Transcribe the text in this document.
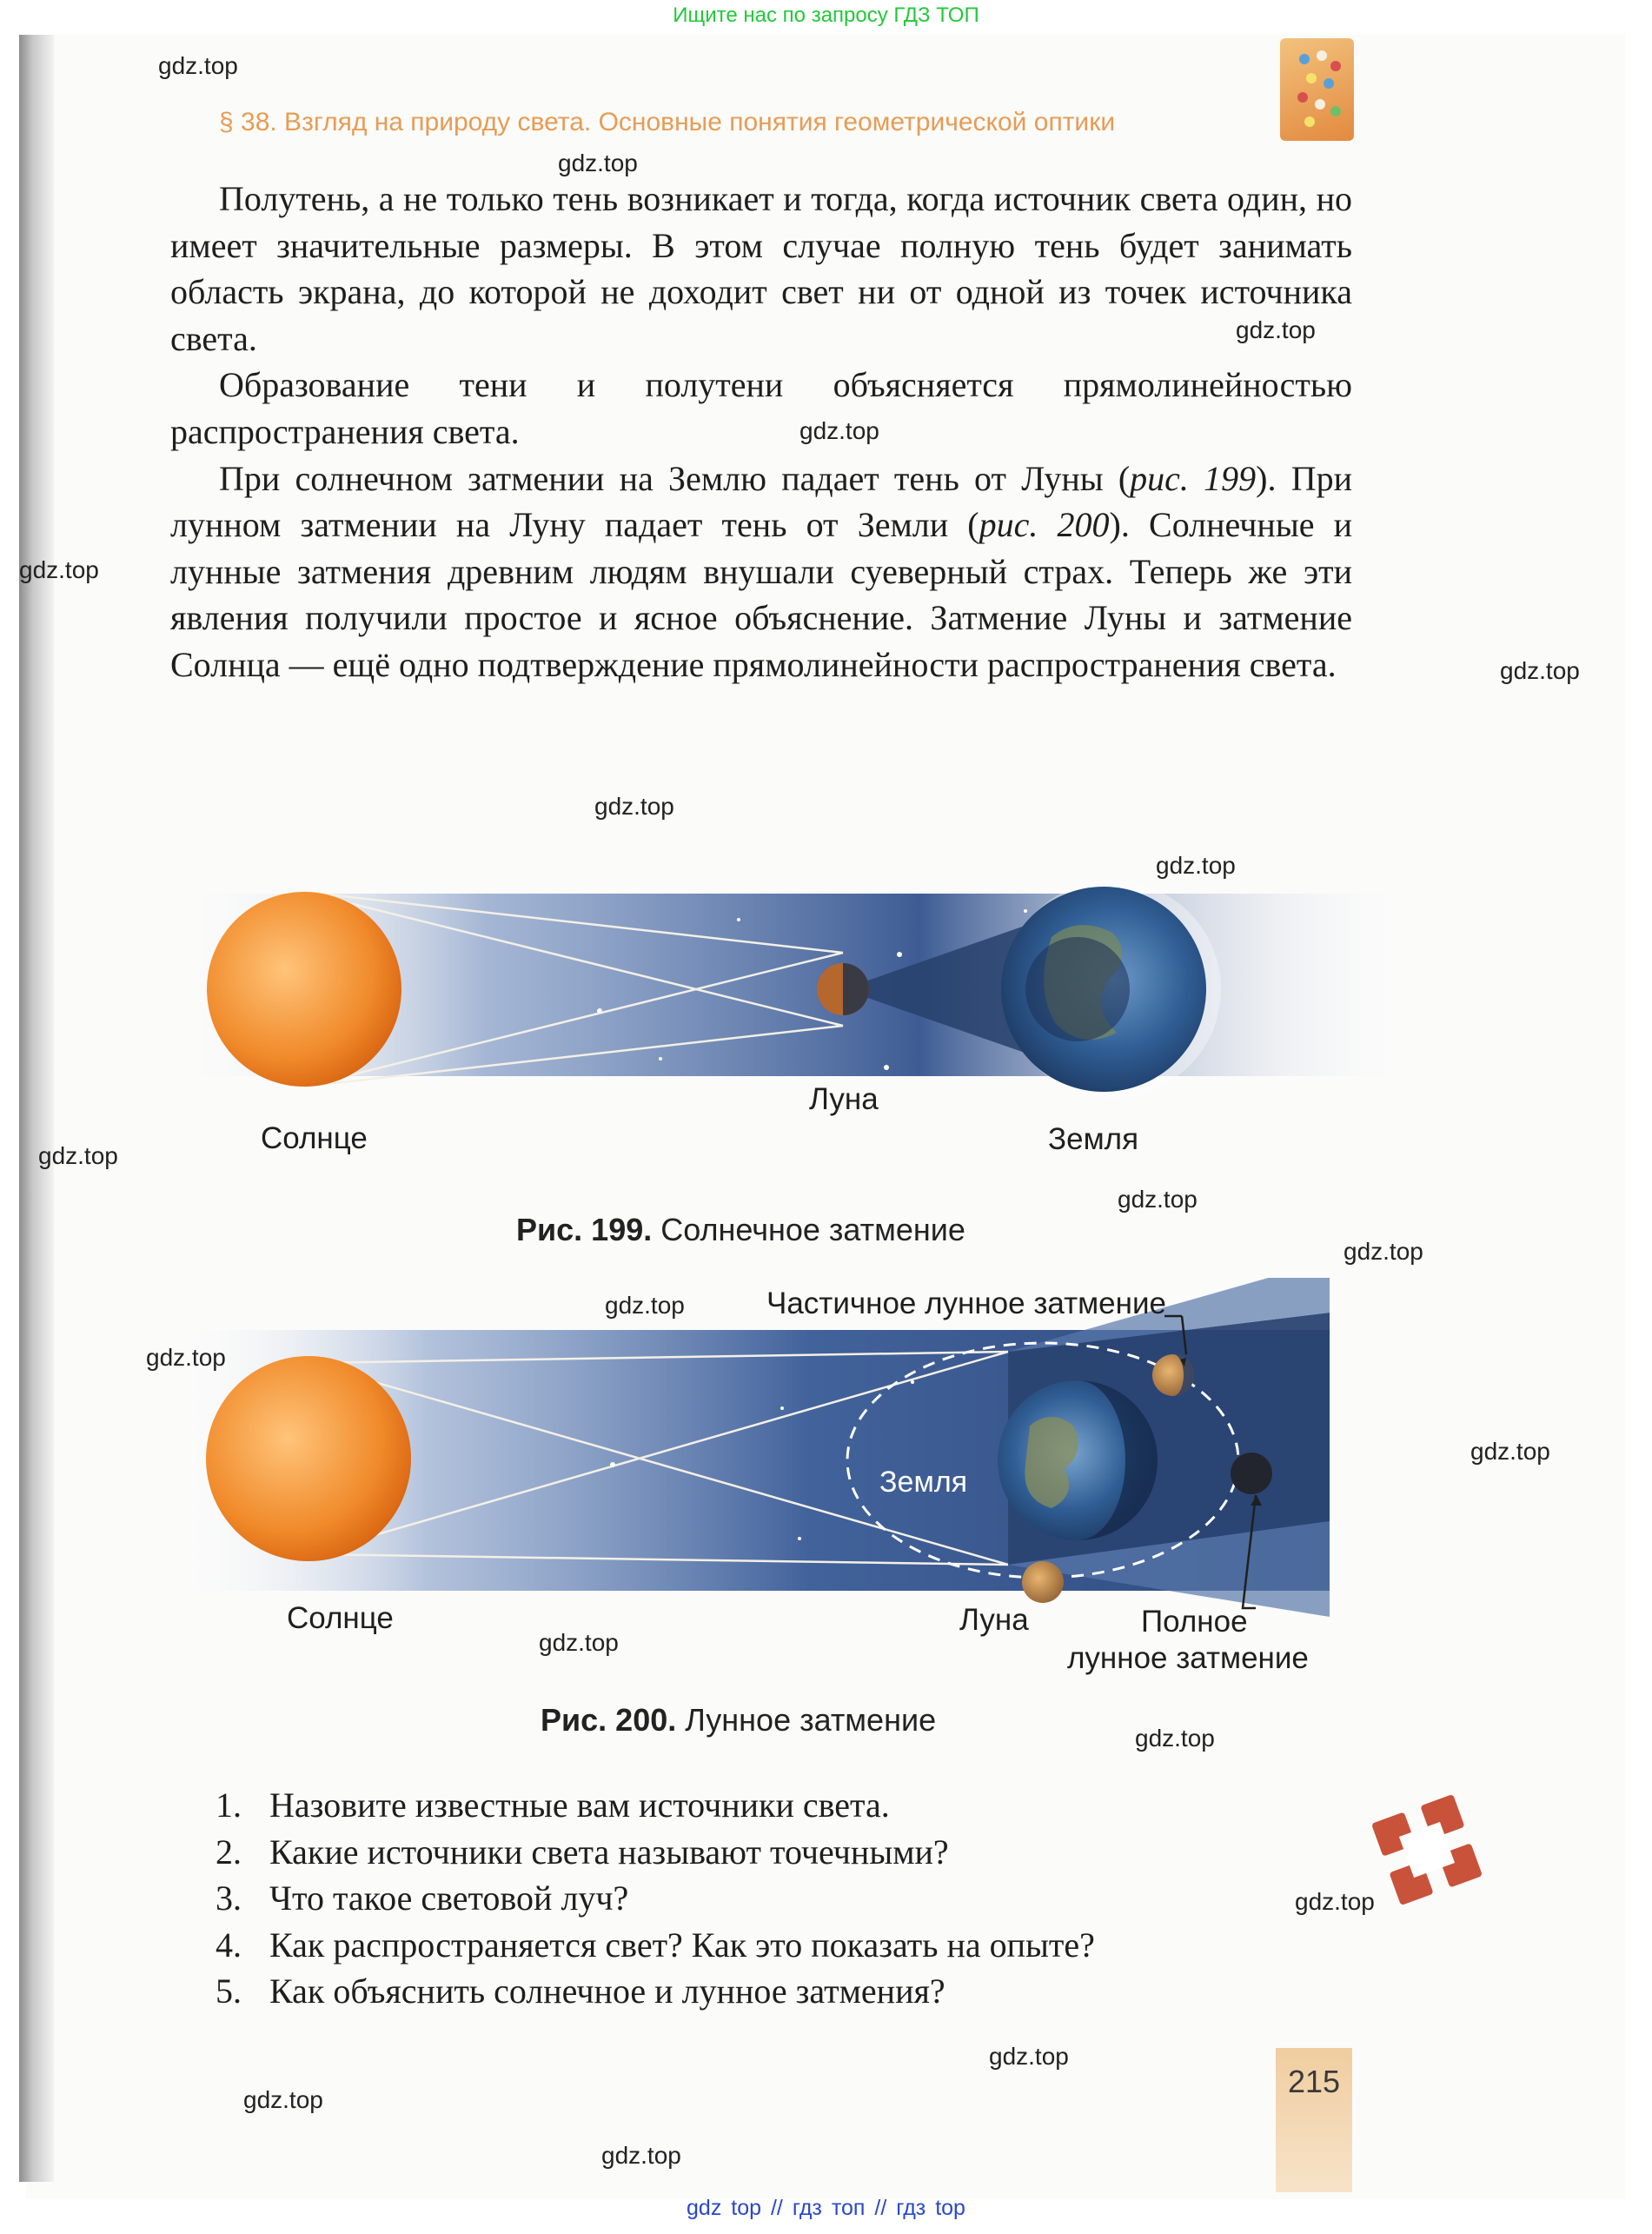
Ищите нас по запросу ГДЗ ТОП
§ 38. Взгляд на природу света. Основные понятия геометрической оптики

Полутень, а не только тень возникает и тогда, когда источник света один, но имеет значительные размеры. В этом случае полную тень будет занимать область экрана, до которой не доходит свет ни от одной из точек источника света.

Образование тени и полутени объясняется прямолинейностью распространения света.

При солнечном затмении на Землю падает тень от Луны (рис. 199). При лунном затмении на Луну падает тень от Земли (рис. 200). Солнечные и лунные затмения древним людям внушали суеверный страх. Теперь же эти явления получили простое и ясное объяснение. Затмение Луны и затмение Солнца — ещё одно подтверждение прямолинейности распространения света.

Солнце
Луна
Земля
Рис. 199. Солнечное затмение
Солнце
Земля
Луна
Частичное лунное затмение
Полное
лунное затмение
Рис. 200. Лунное затмение
1. Назовите известные вам источники света.
2. Какие источники света называют точечными?
3. Что такое световой луч?
4. Как распространяется свет? Как это показать на опыте?
5. Как объяснить солнечное и лунное затмения?
215
gdz.top
gdz.top
gdz.top
gdz.top
gdz.top
gdz.top
gdz.top
gdz.top
gdz.top
gdz.top
gdz.top
gdz.top
gdz.top
gdz.top
gdz.top
gdz.top
gdz.top
gdz.top
gdz.top
gdz.top
gdz top // гдз топ // гдз top
